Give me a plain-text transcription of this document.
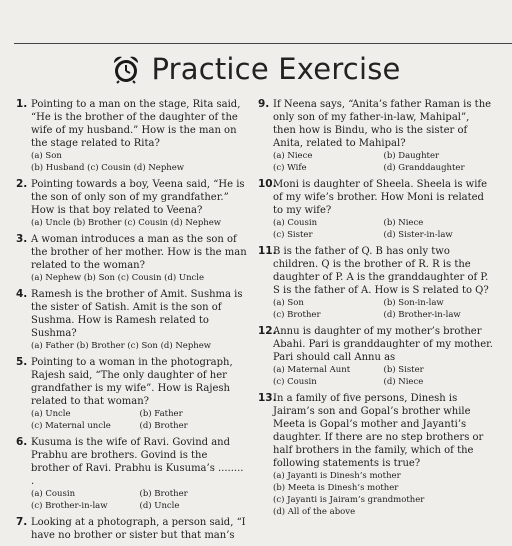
Practice Exercise
1. Pointing to a man on the stage, Rita said, “He is the brother of the daughter of the wife of my husband.” How is the man on the stage related to Rita?
(a) Son
(b) Husband (c) Cousin (d) Nephew
2. Pointing towards a boy, Veena said, “He is the son of only son of my grandfather.” How is that boy related to Veena?
(a) Uncle (b) Brother (c) Cousin (d) Nephew
3. A woman introduces a man as the son of the brother of her mother. How is the man related to the woman?
(a) Nephew (b) Son (c) Cousin (d) Uncle
4. Ramesh is the brother of Amit. Sushma is the sister of Satish. Amit is the son of Sushma. How is Ramesh related to Sushma?
(a) Father (b) Brother (c) Son (d) Nephew
5. Pointing to a woman in the photograph, Rajesh said, “The only daughter of her grandfather is my wife”. How is Rajesh related to that woman?
(a) Uncle	(b) Father
(c) Maternal uncle	(d) Brother
6. Kusuma is the wife of Ravi. Govind and Prabhu are brothers. Govind is the brother of Ravi. Prabhu is Kusuma’s ........ .
(a) Cousin	(b) Brother
(c) Brother-in-law	(d) Uncle
7. Looking at a photograph, a person said, “I have no brother or sister but that man’s
9. If Neena says, “Anita’s father Raman is the only son of my father-in-law, Mahipal”, then how is Bindu, who is the sister of Anita, related to Mahipal?
(a) Niece	(b) Daughter
(c) Wife	(d) Granddaughter
10.
Moni is daughter of Sheela. Sheela is wife of my wife’s brother. How Moni is related to my wife?
(a) Cousin	(b) Niece
(c) Sister	(d) Sister-in-law
11.
B is the father of Q. B has only two children. Q is the brother of R. R is the daughter of P. A is the granddaughter of P. S is the father of A. How is S related to Q?
(a) Son	(b) Son-in-law
(c) Brother	(d) Brother-in-law
12.
Annu is daughter of my mother’s brother Abahi. Pari is granddaughter of my mother. Pari should call Annu as
(a) Maternal Aunt	(b) Sister
(c) Cousin	(d) Niece
13.
In a family of five persons, Dinesh is Jairam’s son and Gopal’s brother while Meeta is Gopal’s mother and Jayanti’s daughter. If there are no step brothers or half brothers in the family, which of the following statements is true?
(a) Jayanti is Dinesh’s mother
(b) Meeta is Dinesh’s mother
(c) Jayanti is Jairam’s grandmother
(d) All of the above
